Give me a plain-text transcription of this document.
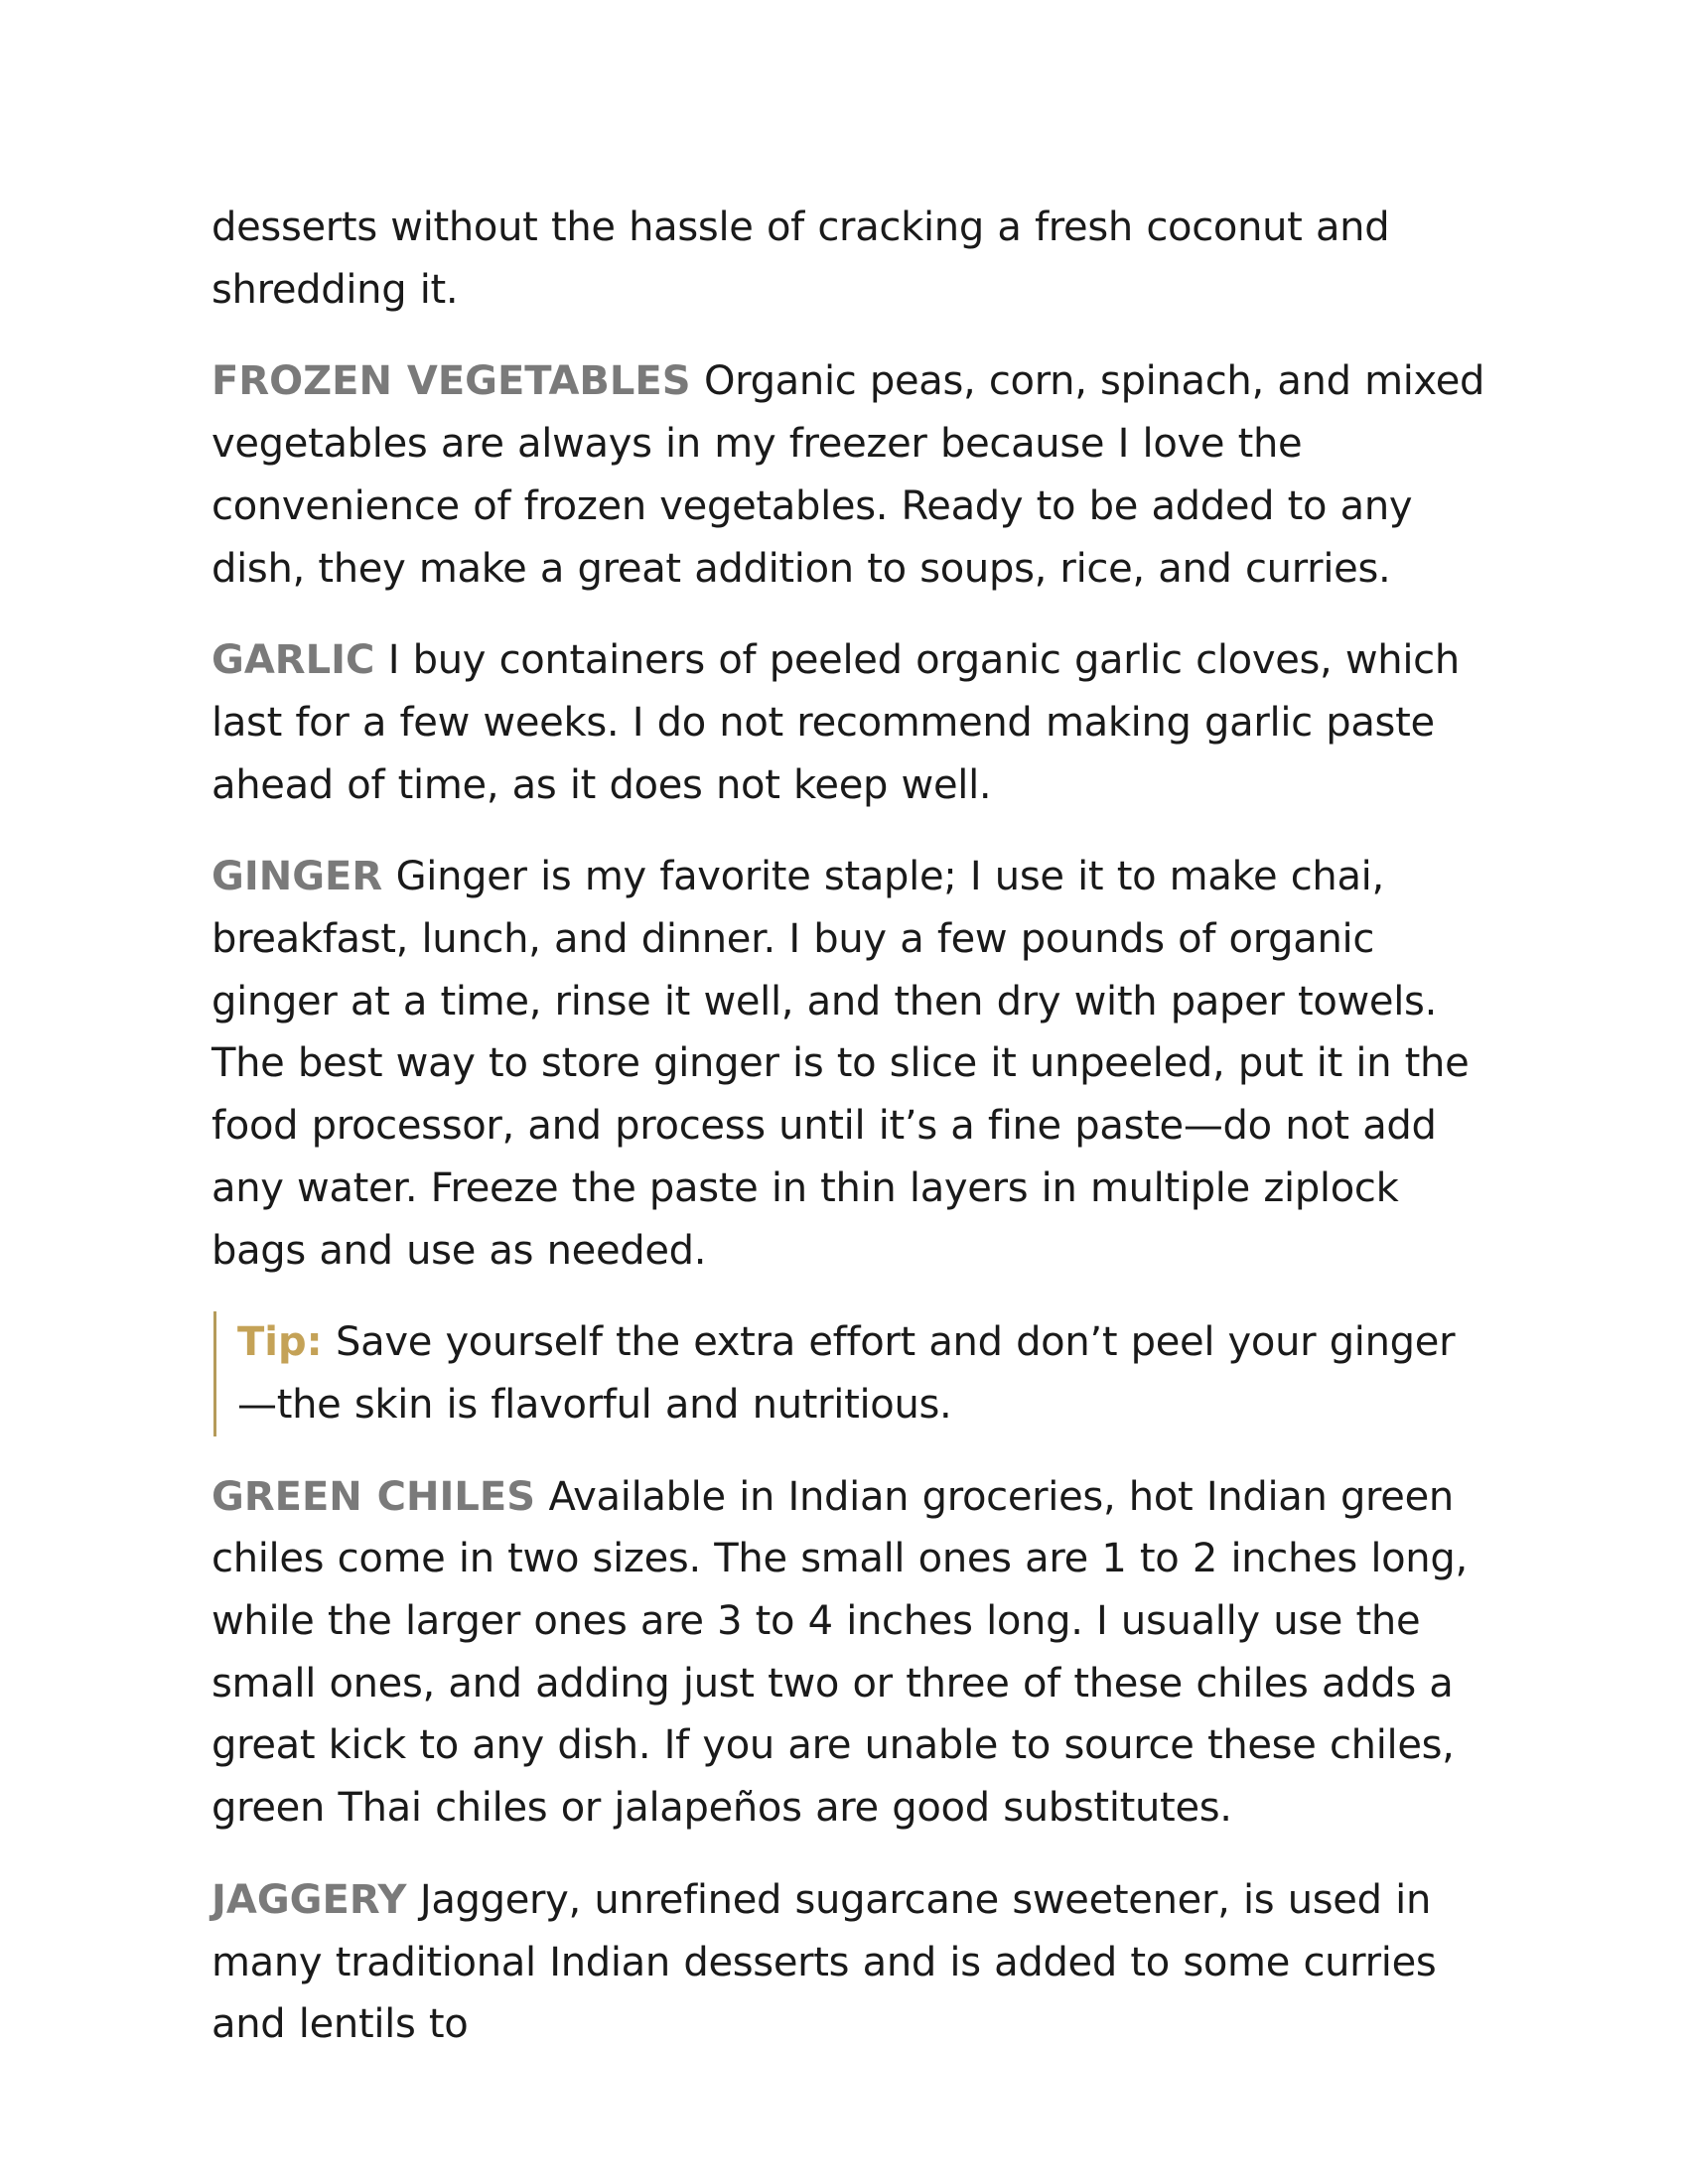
desserts without the hassle of cracking a fresh coconut and shredding it.

FROZEN VEGETABLES Organic peas, corn, spinach, and mixed vegetables are always in my freezer because I love the convenience of frozen vegetables. Ready to be added to any dish, they make a great addition to soups, rice, and curries.

GARLIC I buy containers of peeled organic garlic cloves, which last for a few weeks. I do not recommend making garlic paste ahead of time, as it does not keep well.

GINGER Ginger is my favorite staple; I use it to make chai, breakfast, lunch, and dinner. I buy a few pounds of organic ginger at a time, rinse it well, and then dry with paper towels. The best way to store ginger is to slice it unpeeled, put it in the food processor, and process until it’s a fine paste—do not add any water. Freeze the paste in thin layers in multiple ziplock bags and use as needed.

Tip: Save yourself the extra effort and don’t peel your ginger—the skin is flavorful and nutritious.

GREEN CHILES Available in Indian groceries, hot Indian green chiles come in two sizes. The small ones are 1 to 2 inches long, while the larger ones are 3 to 4 inches long. I usually use the small ones, and adding just two or three of these chiles adds a great kick to any dish. If you are unable to source these chiles, green Thai chiles or jalapeños are good substitutes.

JAGGERY Jaggery, unrefined sugarcane sweetener, is used in many traditional Indian desserts and is added to some curries and lentils to
